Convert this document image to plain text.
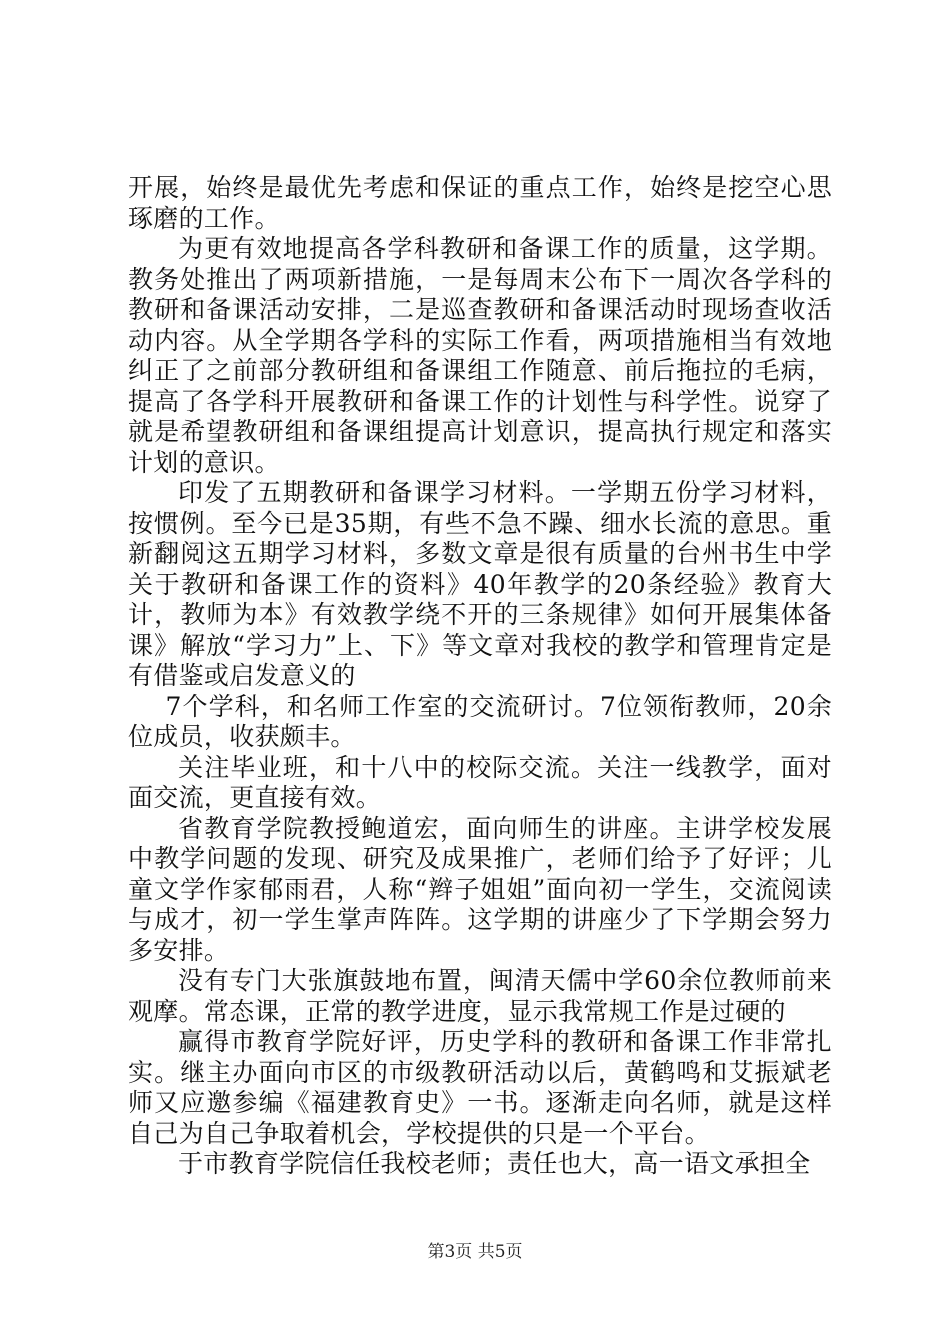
开展，始终是最优先考虑和保证的重点工作，始终是挖空心思琢磨的工作。

为更有效地提高各学科教研和备课工作的质量，这学期。教务处推出了两项新措施，一是每周末公布下一周次各学科的教研和备课活动安排，二是巡查教研和备课活动时现场查收活动内容。从全学期各学科的实际工作看，两项措施相当有效地纠正了之前部分教研组和备课组工作随意、前后拖拉的毛病，提高了各学科开展教研和备课工作的计划性与科学性。说穿了就是希望教研组和备课组提高计划意识，提高执行规定和落实计划的意识。

印发了五期教研和备课学习材料。一学期五份学习材料，按惯例。至今已是35期，有些不急不躁、细水长流的意思。重新翻阅这五期学习材料，多数文章是很有质量的台州书生中学关于教研和备课工作的资料》40年教学的20条经验》教育大计，教师为本》有效教学绕不开的三条规律》如何开展集体备课》解放“学习力”上、下》等文章对我校的教学和管理肯定是有借鉴或启发意义的

7个学科，和名师工作室的交流研讨。7位领衔教师，20余位成员，收获颇丰。

关注毕业班，和十八中的校际交流。关注一线教学，面对面交流，更直接有效。

省教育学院教授鲍道宏，面向师生的讲座。主讲学校发展中教学问题的发现、研究及成果推广，老师们给予了好评；儿童文学作家郁雨君，人称“辫子姐姐”面向初一学生，交流阅读与成才，初一学生掌声阵阵。这学期的讲座少了下学期会努力多安排。

没有专门大张旗鼓地布置，闽清天儒中学60余位教师前来观摩。常态课，正常的教学进度，显示我常规工作是过硬的

赢得市教育学院好评，历史学科的教研和备课工作非常扎实。继主办面向市区的市级教研活动以后，黄鹤鸣和艾振斌老师又应邀参编《福建教育史》一书。逐渐走向名师，就是这样自己为自己争取着机会，学校提供的只是一个平台。

于市教育学院信任我校老师；责任也大，高一语文承担全

第3页 共5页
